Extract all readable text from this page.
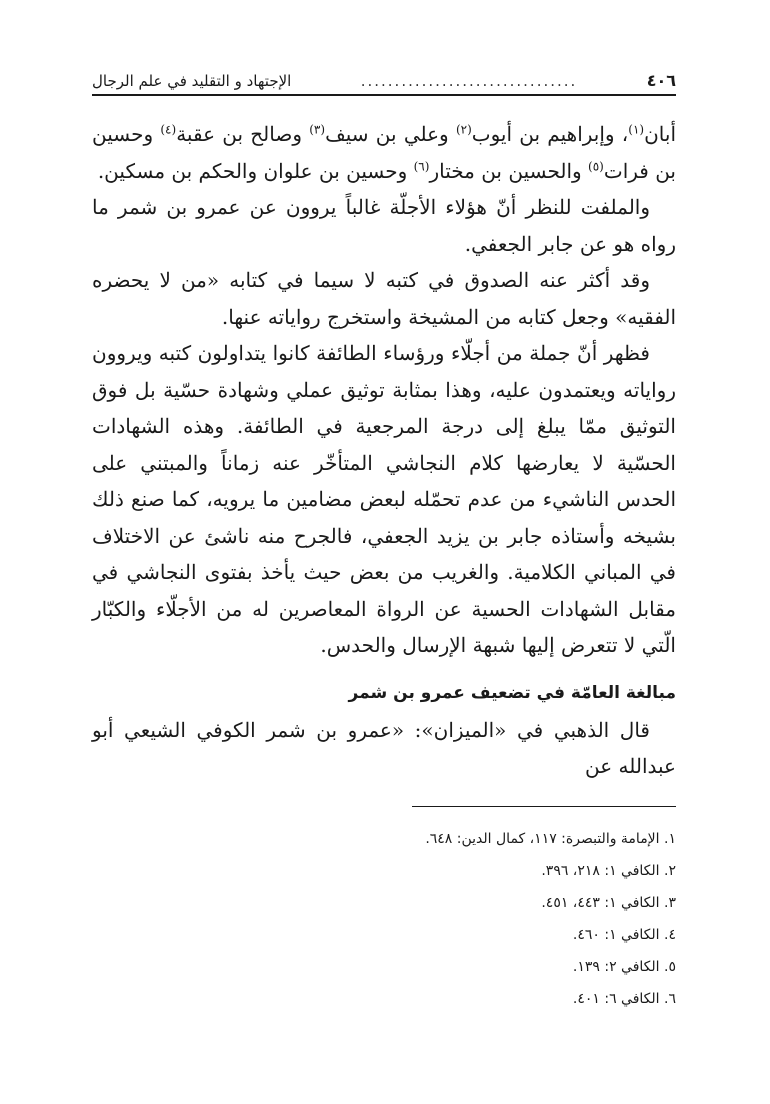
٤٠٦
................................
الإجتهاد و التقليد في علم الرجال

أبان$^{(١)}$، وإبراهيم بن أيوب$^{(٢)}$ وعلي بن سيف$^{(٣)}$ وصالح بن عقبة$^{(٤)}$ وحسين بن فرات$^{(٥)}$ والحسين بن مختار$^{(٦)}$ وحسين بن علوان والحكم بن مسكين.

والملفت للنظر أنّ هؤلاء الأجلّة غالباً يروون عن عمرو بن شمر ما رواه هو عن جابر الجعفي.

وقد أكثر عنه الصدوق في كتبه لا سيما في كتابه «من لا يحضره الفقيه» وجعل كتابه من المشيخة واستخرج رواياته عنها.

فظهر أنّ جملة من أجلّاء ورؤساء الطائفة كانوا يتداولون كتبه ويروون رواياته ويعتمدون عليه، وهذا بمثابة توثيق عملي وشهادة حسّية بل فوق التوثيق ممّا يبلغ إلى درجة المرجعية في الطائفة. وهذه الشهادات الحسّية لا يعارضها كلام النجاشي المتأخّر عنه زماناً والمبتني على الحدس الناشيء من عدم تحمّله لبعض مضامين ما يرويه، كما صنع ذلك بشيخه وأستاذه جابر بن يزيد الجعفي، فالجرح منه ناشئ عن الاختلاف في المباني الكلامية. والغريب من بعض حيث يأخذ بفتوى النجاشي في مقابل الشهادات الحسية عن الرواة المعاصرين له من الأجلّاء والكبّار الّتي لا تتعرض إليها شبهة الإرسال والحدس.

مبالغة العامّة في تضعيف عمرو بن شمر

قال الذهبي في «الميزان»: «عمرو بن شمر الكوفي الشيعي أبو عبدالله عن

١. الإمامة والتبصرة: ١١٧، كمال الدين: ٦٤٨.
٢. الكافي ١: ٢١٨، ٣٩٦.
٣. الكافي ١: ٤٤٣، ٤٥١.
٤. الكافي ١: ٤٦٠.
٥. الكافي ٢: ١٣٩.
٦. الكافي ٦: ٤٠١.
